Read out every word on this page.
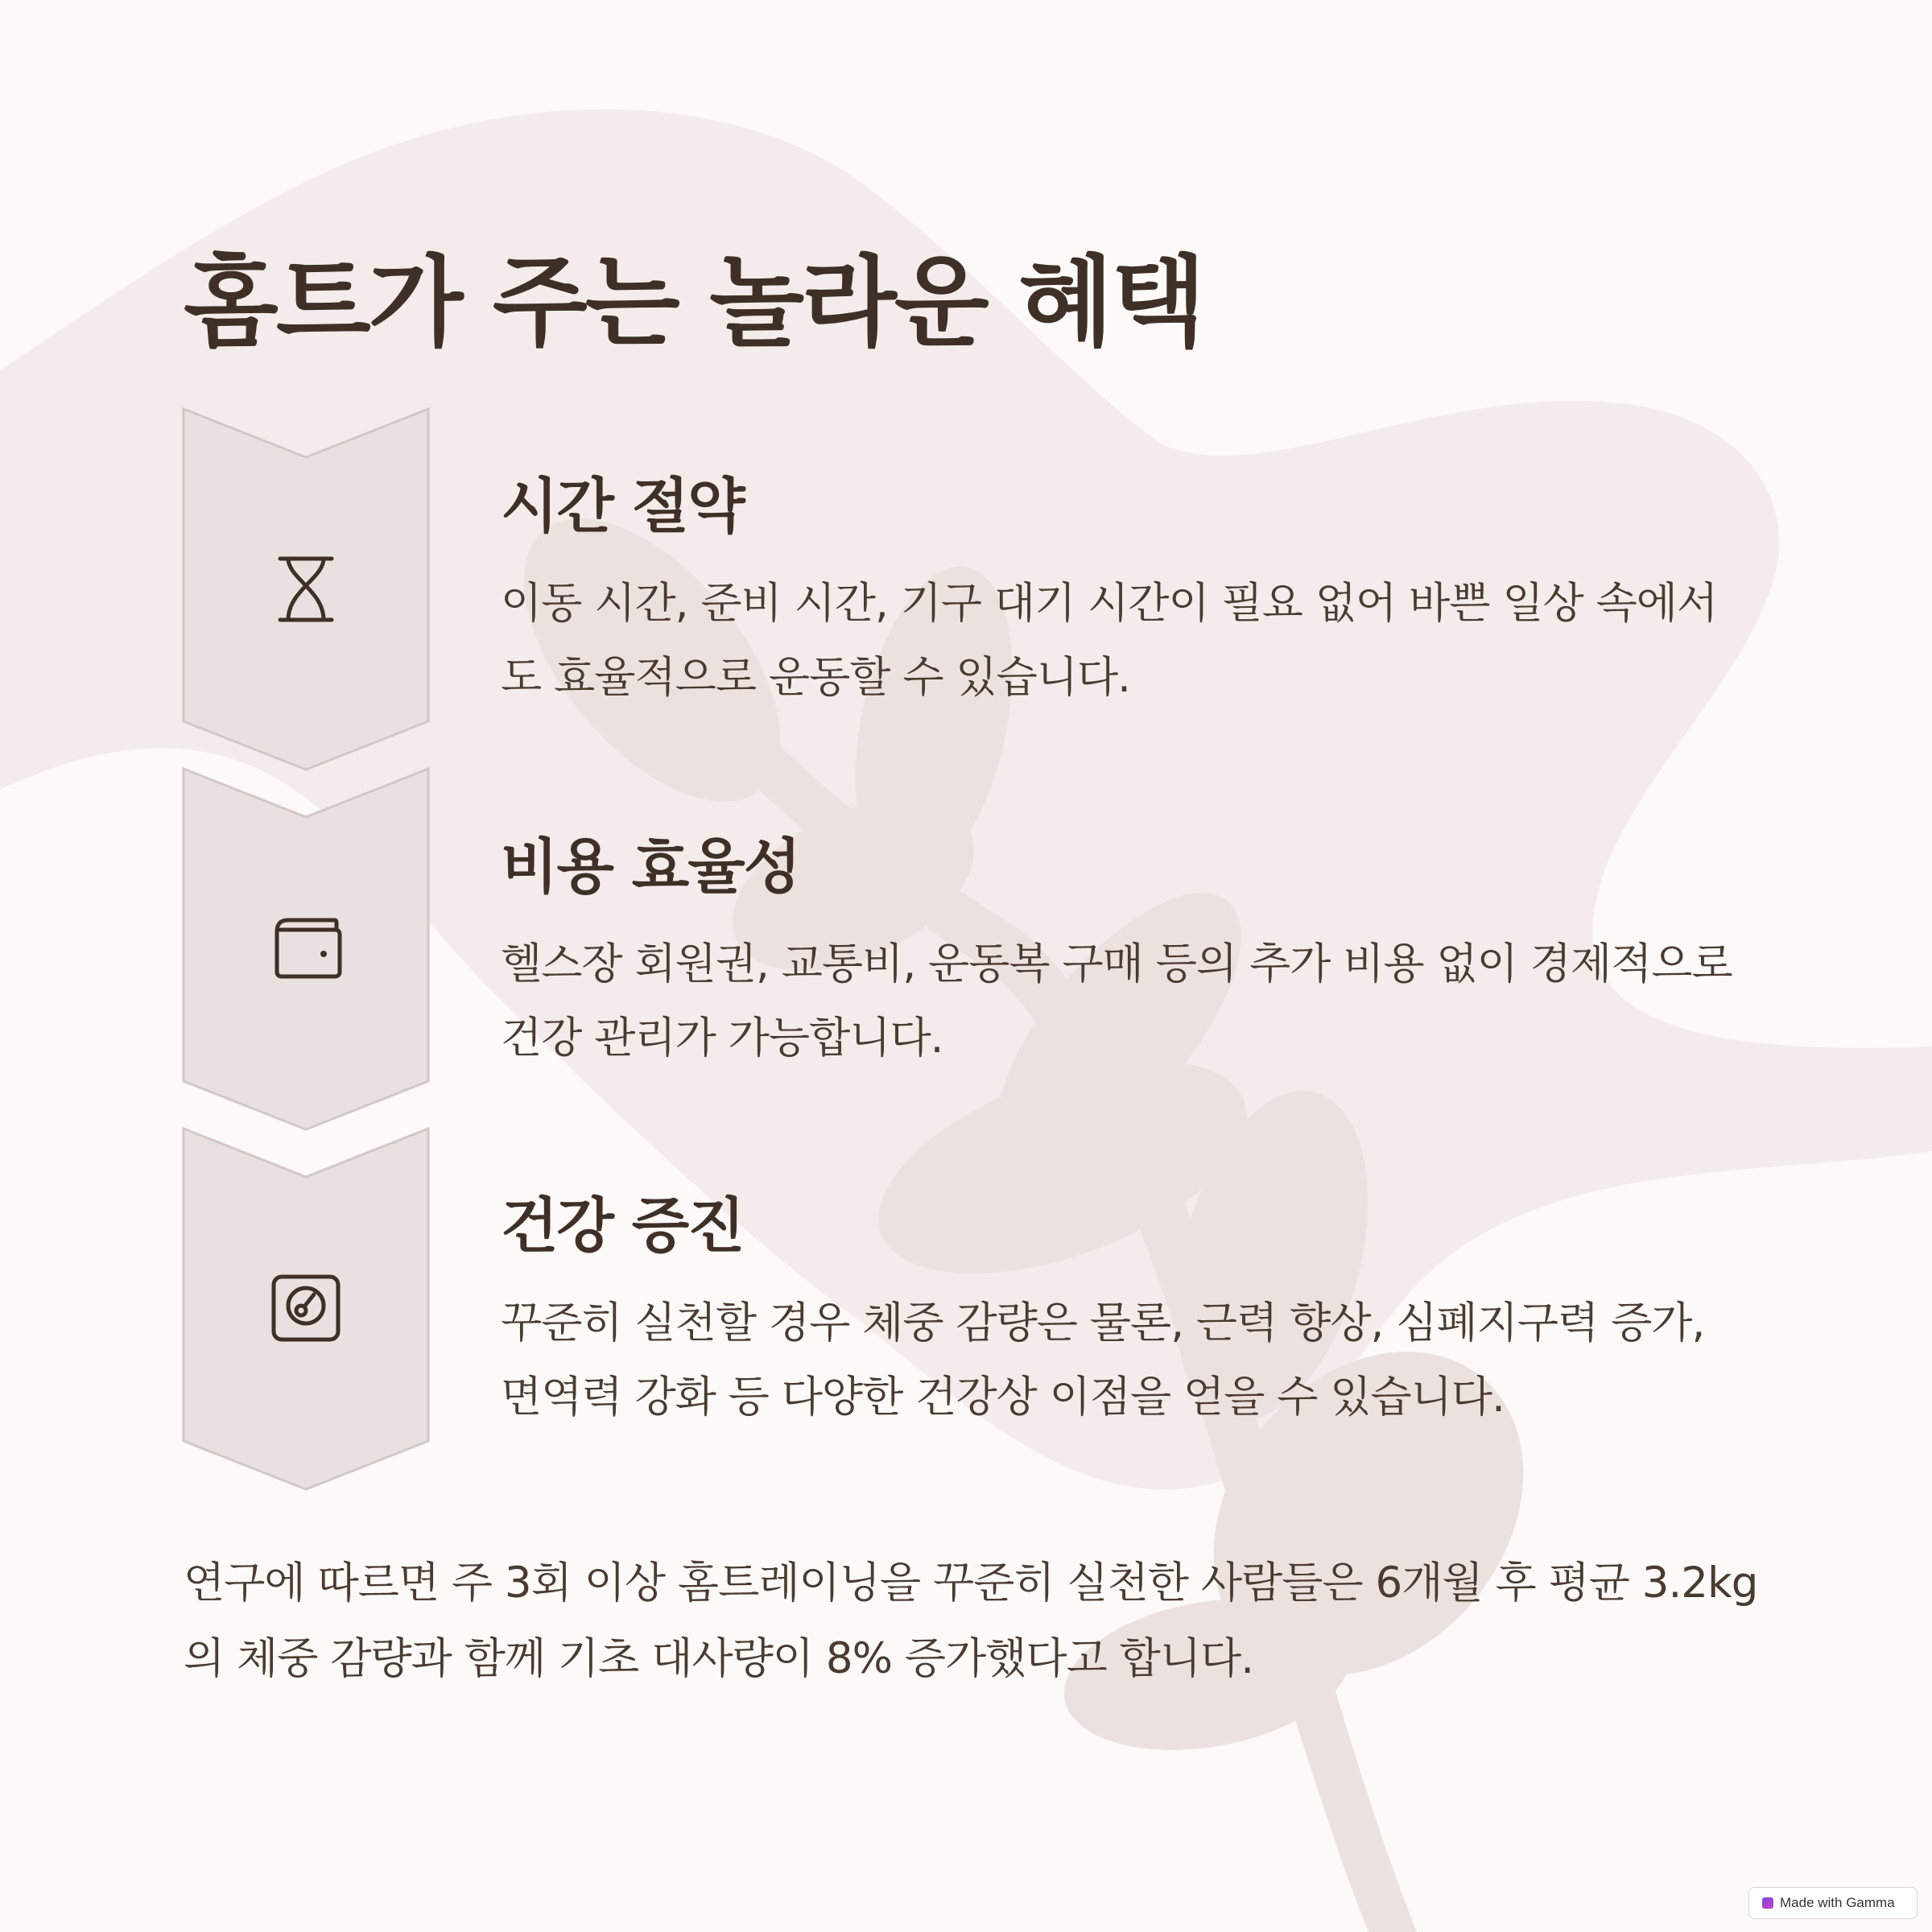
홈트가 주는 놀라운 혜택
시간 절약

이동 시간, 준비 시간, 기구 대기 시간이 필요 없어 바쁜 일상 속에서도 효율적으로 운동할 수 있습니다.

비용 효율성

헬스장 회원권, 교통비, 운동복 구매 등의 추가 비용 없이 경제적으로 건강 관리가 가능합니다.

건강 증진

꾸준히 실천할 경우 체중 감량은 물론, 근력 향상, 심폐지구력 증가, 면역력 강화 등 다양한 건강상 이점을 얻을 수 있습니다.

연구에 따르면 주 3회 이상 홈트레이닝을 꾸준히 실천한 사람들은 6개월 후 평균 3.2kg의 체중 감량과 함께 기초 대사량이 8% 증가했다고 합니다.

Made with Gamma
